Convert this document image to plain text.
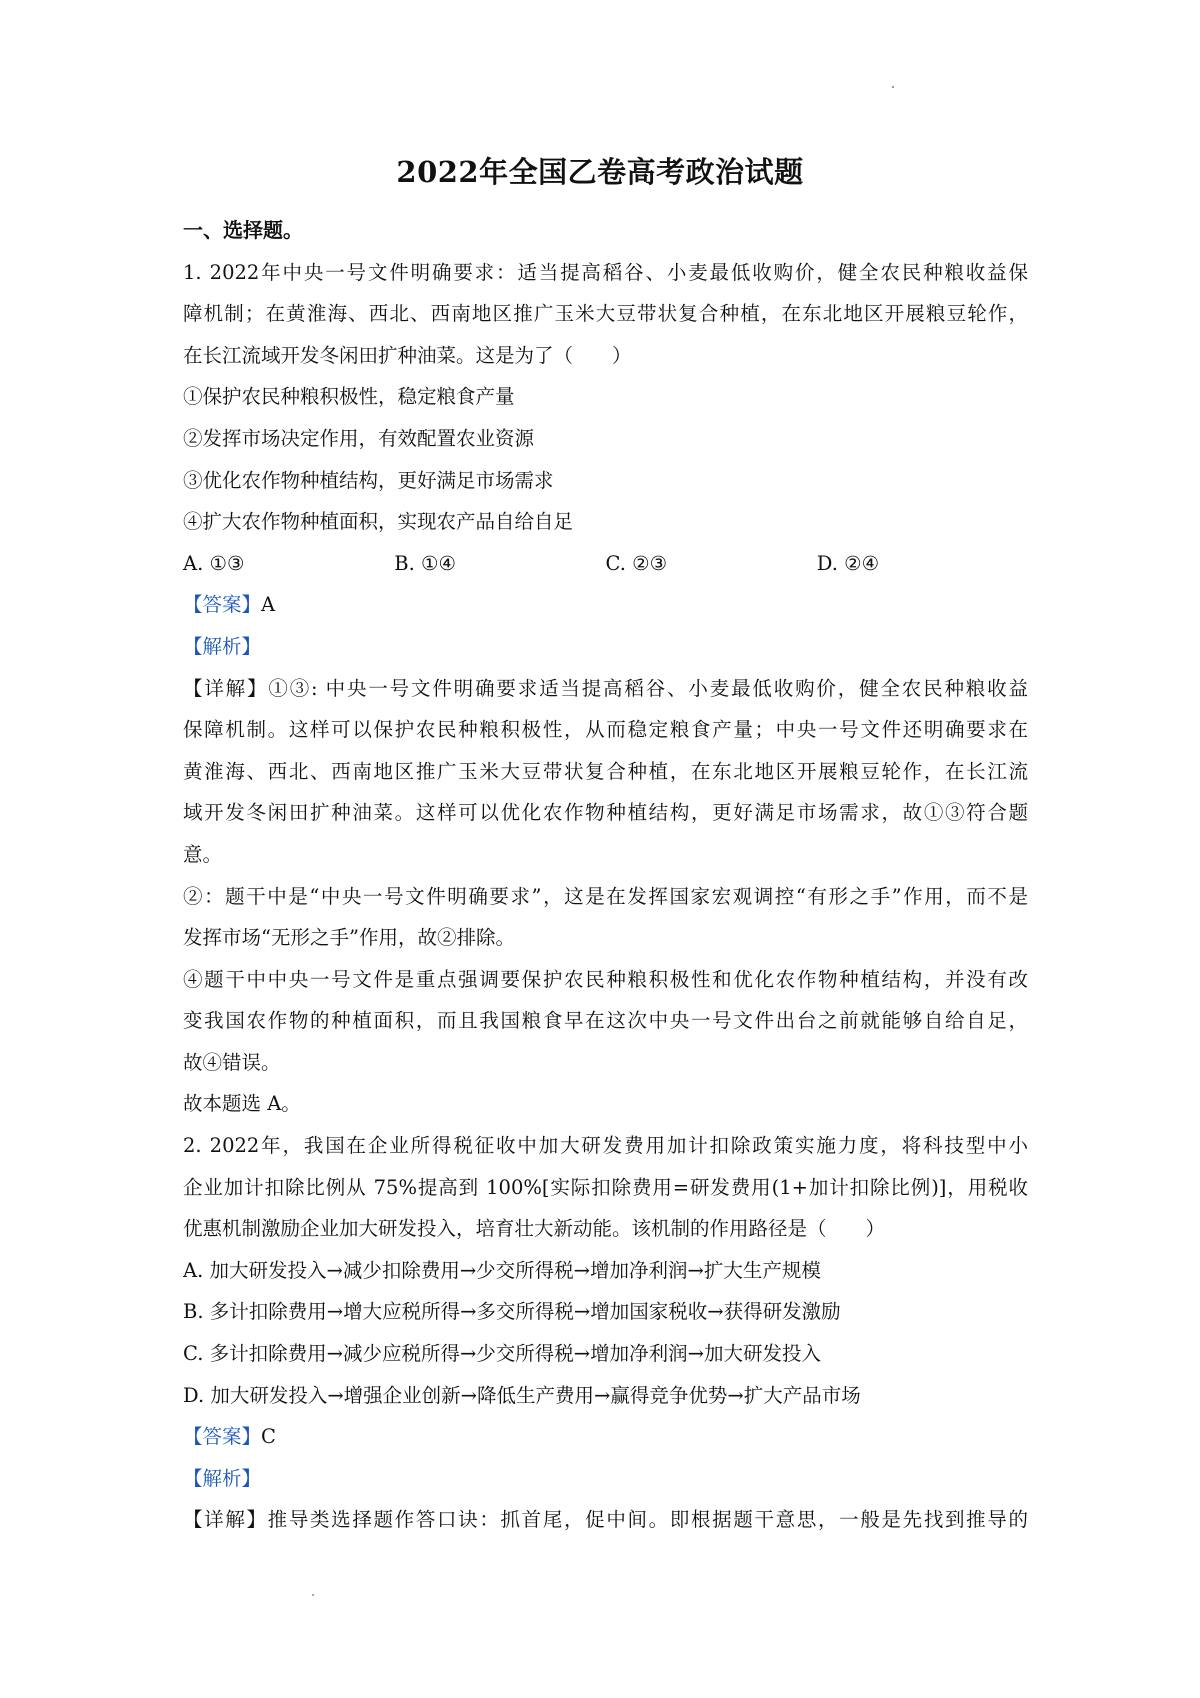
2022年全国乙卷高考政治试题
一、选择题。
1. 2022年中央一号文件明确要求：适当提高稻谷、小麦最低收购价，健全农民种粮收益保
障机制；在黄淮海、西北、西南地区推广玉米大豆带状复合种植，在东北地区开展粮豆轮作，
在长江流域开发冬闲田扩种油菜。这是为了（　　）
①保护农民种粮积极性，稳定粮食产量
②发挥市场决定作用，有效配置农业资源
③优化农作物种植结构，更好满足市场需求
④扩大农作物种植面积，实现农产品自给自足
A. ①③	B. ①④	C. ②③	D. ②④
【答案】A
【解析】
【详解】①③: 中央一号文件明确要求适当提高稻谷、小麦最低收购价，健全农民种粮收益
保障机制。这样可以保护农民种粮积极性，从而稳定粮食产量；中央一号文件还明确要求在
黄淮海、西北、西南地区推广玉米大豆带状复合种植，在东北地区开展粮豆轮作，在长江流
域开发冬闲田扩种油菜。这样可以优化农作物种植结构，更好满足市场需求，故①③符合题
意。
②：题干中是“中央一号文件明确要求”，这是在发挥国家宏观调控“有形之手”作用，而不是
发挥市场“无形之手”作用，故②排除。
④题干中中央一号文件是重点强调要保护农民种粮积极性和优化农作物种植结构，并没有改
变我国农作物的种植面积，而且我国粮食早在这次中央一号文件出台之前就能够自给自足，
故④错误。
故本题选 A。
2. 2022年，我国在企业所得税征收中加大研发费用加计扣除政策实施力度，将科技型中小
企业加计扣除比例从 75%提高到 100%[实际扣除费用=研发费用(1+加计扣除比例)]，用税收
优惠机制激励企业加大研发投入，培育壮大新动能。该机制的作用路径是（　　）
A. 加大研发投入→减少扣除费用→少交所得税→增加净利润→扩大生产规模
B. 多计扣除费用→增大应税所得→多交所得税→增加国家税收→获得研发激励
C. 多计扣除费用→减少应税所得→少交所得税→增加净利润→加大研发投入
D. 加大研发投入→增强企业创新→降低生产费用→赢得竞争优势→扩大产品市场
【答案】C
【解析】
【详解】推导类选择题作答口诀：抓首尾，促中间。即根据题干意思，一般是先找到推导的
